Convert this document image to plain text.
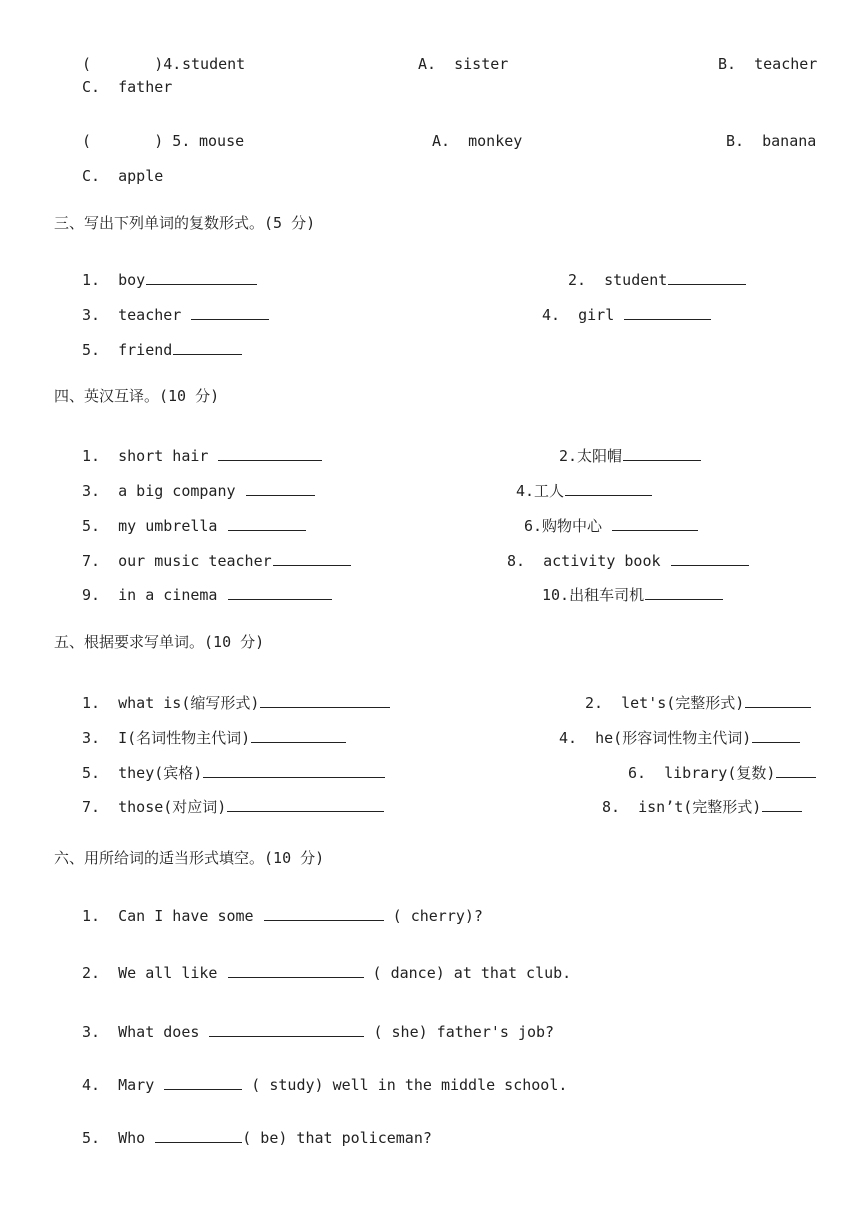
(       )4. student	A.  sister	B.  teacher
C.  father
(       ) 5. mouse	A.  monkey	B.  banana
C.  apple
三、写出下列单词的复数形式。(5 分)
1.  boy	2.  student
3.  teacher	4.  girl
5.  friend
四、英汉互译。(10 分)
1.  short hair	2.太阳帽
3.  a big company	4.工人
5.  my umbrella	6.购物中心
7.  our music teacher	8.  activity book
9.  in a cinema	10.出租车司机
五、根据要求写单词。(10 分)
1.  what is(缩写形式)	2.  let's(完整形式)
3.  I(名词性物主代词)	4.  he(形容词性物主代词)
5.  they(宾格)	6.  library(复数)
7.  those(对应词)	8.  isn’t(完整形式)
六、用所给词的适当形式填空。(10 分)
1.  Can I have some	( cherry)?
2.  We all like	( dance) at that club.
3.  What does	( she) father's job?
4.  Mary	( study) well in the middle school.
5.  Who	( be) that policeman?
